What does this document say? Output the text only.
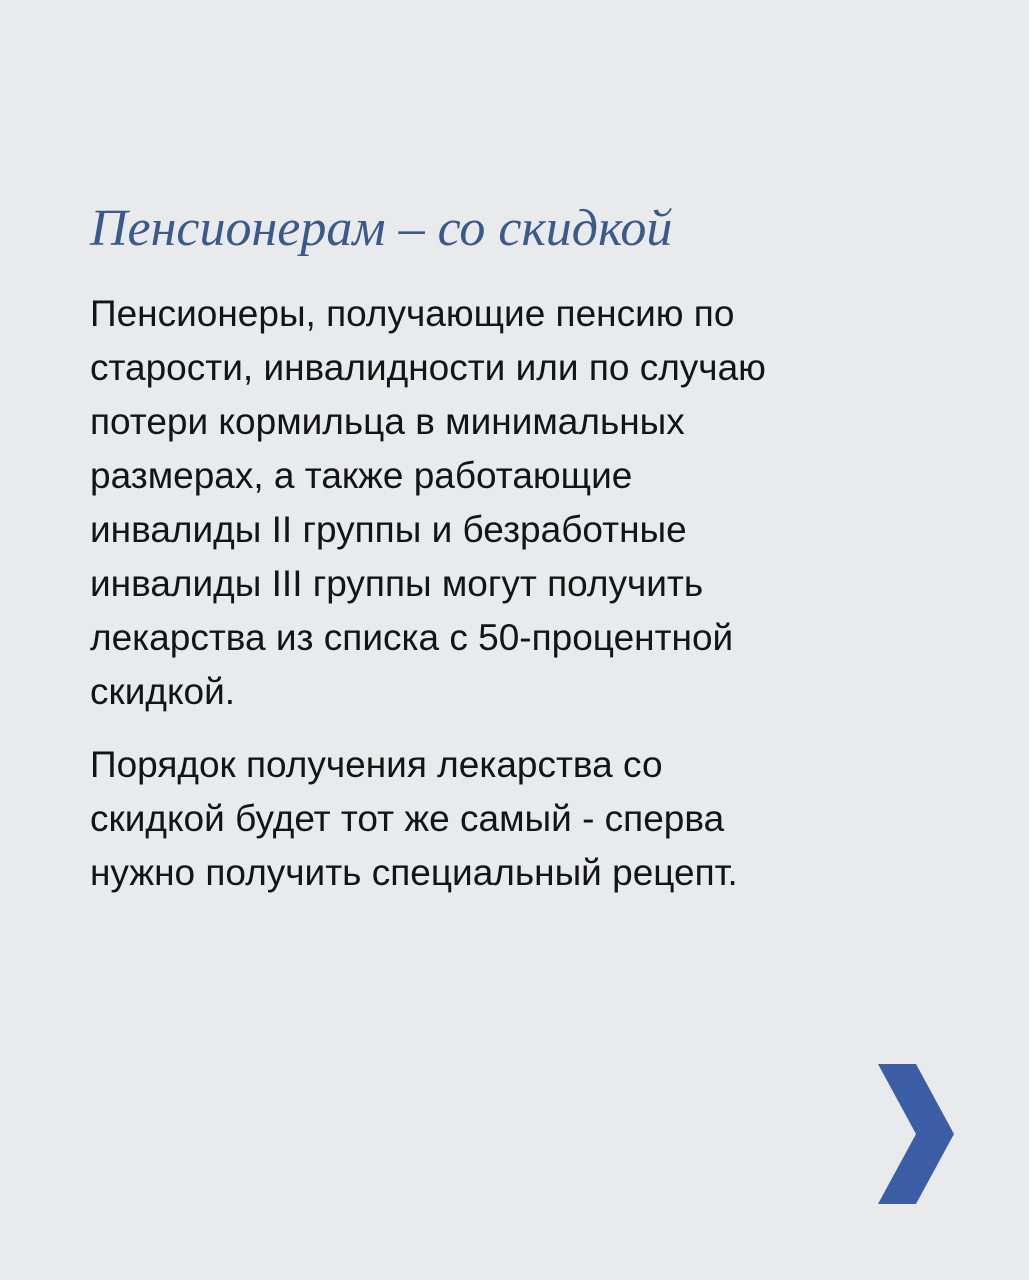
Пенсионерам – со скидкой

Пенсионеры, получающие пенсию по
старости, инвалидности или по случаю
потери кормильца в минимальных
размерах, а также работающие
инвалиды II группы и безработные
инвалиды III группы могут получить
лекарства из списка с 50-процентной
скидкой.

Порядок получения лекарства со
скидкой будет тот же самый - сперва
нужно получить специальный рецепт.
